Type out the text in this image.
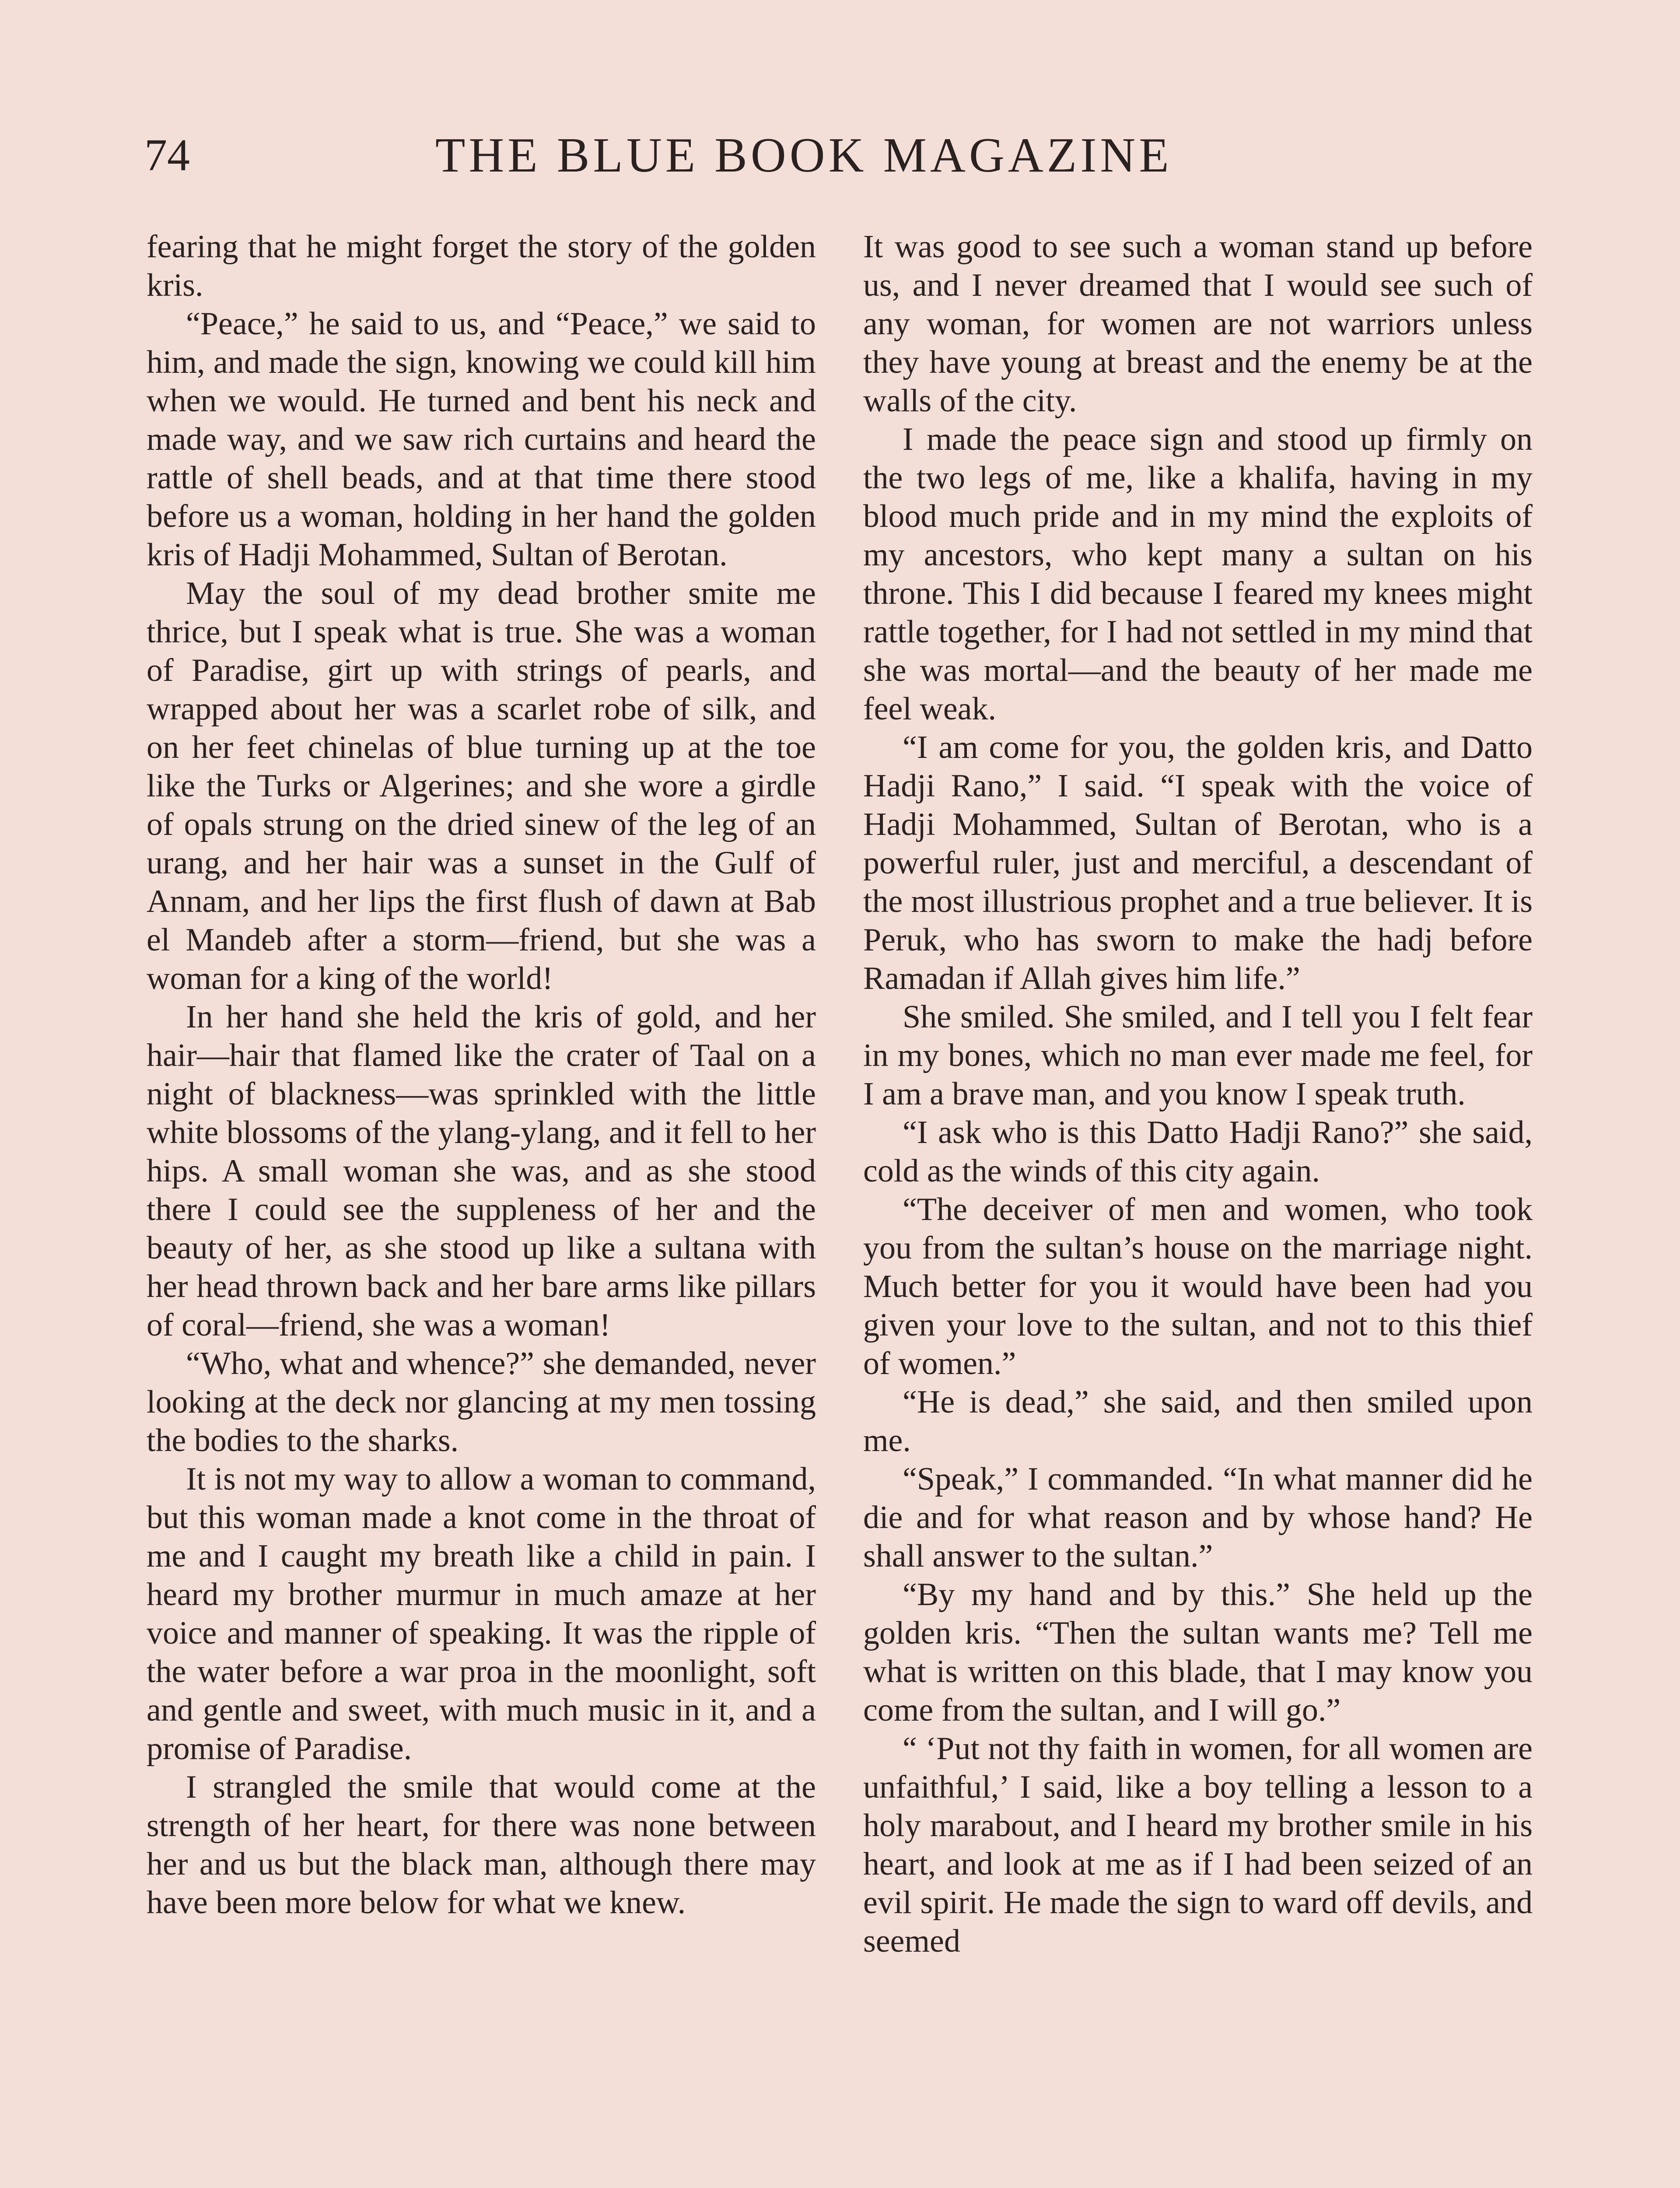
74	THE BLUE BOOK MAGAZINE

fearing that he might forget the story of the golden kris.

“Peace,” he said to us, and “Peace,” we said to him, and made the sign, knowing we could kill him when we would. He turned and bent his neck and made way, and we saw rich curtains and heard the rattle of shell beads, and at that time there stood before us a woman, holding in her hand the golden kris of Hadji Mohammed, Sultan of Berotan.

May the soul of my dead brother smite me thrice, but I speak what is true. She was a woman of Paradise, girt up with strings of pearls, and wrapped about her was a scarlet robe of silk, and on her feet chinelas of blue turning up at the toe like the Turks or Algerines; and she wore a girdle of opals strung on the dried sinew of the leg of an urang, and her hair was a sunset in the Gulf of Annam, and her lips the first flush of dawn at Bab el Mandeb after a storm—friend, but she was a woman for a king of the world!

In her hand she held the kris of gold, and her hair—hair that flamed like the crater of Taal on a night of blackness—was sprinkled with the little white blossoms of the ylang-ylang, and it fell to her hips. A small woman she was, and as she stood there I could see the suppleness of her and the beauty of her, as she stood up like a sultana with her head thrown back and her bare arms like pillars of coral—friend, she was a woman!

“Who, what and whence?” she demanded, never looking at the deck nor glancing at my men tossing the bodies to the sharks.

It is not my way to allow a woman to command, but this woman made a knot come in the throat of me and I caught my breath like a child in pain. I heard my brother murmur in much amaze at her voice and manner of speaking. It was the ripple of the water before a war proa in the moonlight, soft and gentle and sweet, with much music in it, and a promise of Paradise.

I strangled the smile that would come at the strength of her heart, for there was none between her and us but the black man, although there may have been more below for what we knew.

It was good to see such a woman stand up before us, and I never dreamed that I would see such of any woman, for women are not warriors unless they have young at breast and the enemy be at the walls of the city.

I made the peace sign and stood up firmly on the two legs of me, like a khalifa, having in my blood much pride and in my mind the exploits of my ancestors, who kept many a sultan on his throne. This I did because I feared my knees might rattle together, for I had not settled in my mind that she was mortal—and the beauty of her made me feel weak.

“I am come for you, the golden kris, and Datto Hadji Rano,” I said. “I speak with the voice of Hadji Mohammed, Sultan of Berotan, who is a powerful ruler, just and merciful, a descendant of the most illustrious prophet and a true believer. It is Peruk, who has sworn to make the hadj before Ramadan if Allah gives him life.”

She smiled. She smiled, and I tell you I felt fear in my bones, which no man ever made me feel, for I am a brave man, and you know I speak truth.

“I ask who is this Datto Hadji Rano?” she said, cold as the winds of this city again.

“The deceiver of men and women, who took you from the sultan’s house on the marriage night. Much better for you it would have been had you given your love to the sultan, and not to this thief of women.”

“He is dead,” she said, and then smiled upon me.

“Speak,” I commanded. “In what manner did he die and for what reason and by whose hand? He shall answer to the sultan.”

“By my hand and by this.” She held up the golden kris. “Then the sultan wants me? Tell me what is written on this blade, that I may know you come from the sultan, and I will go.”

“ ‘Put not thy faith in women, for all women are unfaithful,’ I said, like a boy telling a lesson to a holy marabout, and I heard my brother smile in his heart, and look at me as if I had been seized of an evil spirit. He made the sign to ward off devils, and seemed
